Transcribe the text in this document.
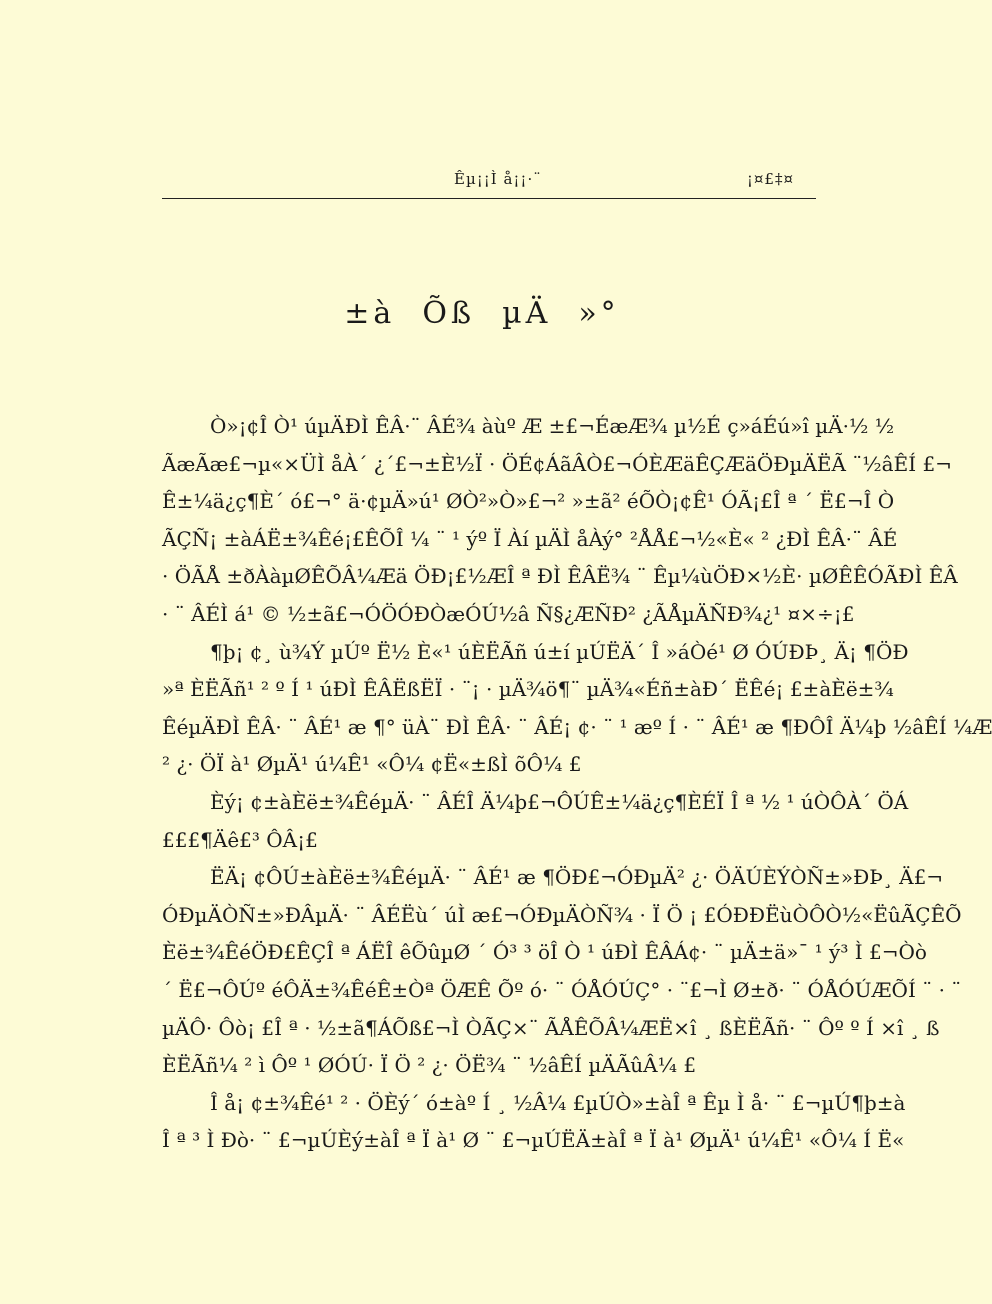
Êµ¡¡Ì å¡¡·¨	¡¤£‡¤
±à  Õß  µÄ  »°
Ò»¡¢Î Ò¹ úµÄÐÌ ÊÂ·¨ ÂÉ¾ àùº Æ ±£¬ÉæÆ¾ µ½É ç»áÉú»î µÄ·½ ½
ÃæÃæ£¬µ«×ÜÌ åÀ´ ¿´£¬±È½Ï · ÖÉ¢ÁãÂÒ£¬ÓÈÆäÊÇÆäÖÐµÄËÃ ¨½âÊÍ £¬
Ê±¼ä¿ç¶È´ ó£¬° ä·¢µÄ»ú¹ ØÒ²»Ò»£¬² »±ã² éÕÒ¡¢Ê¹ ÓÃ¡£Î ª ´ Ë£¬Î Ò
ÃÇÑ¡ ±àÁË±¾Êé¡£ÊÕÎ ¼ ¨ ¹ ýº Ï Àí µÄÌ åÀý° ²ÅÅ£¬½«È« ² ¿ÐÌ ÊÂ·¨ ÂÉ
· ÖÃÅ ±ðÀàµØÊÕÂ¼Æä ÖÐ¡£½ÆÎ ª ÐÌ ÊÂË¾ ¨ Êµ¼ùÖÐ×½È· µØÊÊÓÃÐÌ ÊÂ
· ¨ ÂÉÌ á¹ © ½±ã£¬ÓÖÓÐÒæÓÚ½â Ñ§¿ÆÑÐ² ¿ÃÅµÄÑÐ¾¿¹ ¤×÷¡£
¶þ¡ ¢¸ ù¾Ý µÚº Ë½ È«¹ úÈËÃñ ú±í µÚËÄ´ Î »áÒé¹ Ø ÓÚÐÞ¸ Ä¡ ¶ÖÐ
»ª ÈËÃñ¹ ² º Í ¹ úÐÌ ÊÂËßËÏ · ¨¡ · µÄ¾ö¶¨ µÄ¾«Éñ±àÐ´ ËÊé¡ £±àÈë±¾
ÊéµÄÐÌ ÊÂ· ¨ ÂÉ¹ æ ¶° üÀ¨ ÐÌ ÊÂ· ¨ ÂÉ¡ ¢· ¨ ¹ æº Í · ¨ ÂÉ¹ æ ¶ÐÔÎ Ä¼þ ½âÊÍ ¼Æ
² ¿· ÖÏ à¹ ØµÄ¹ ú¼Ê¹ «Ô¼ ¢Ë«±ßÌ õÔ¼ £
Èý¡ ¢±àÈë±¾ÊéµÄ· ¨ ÂÉÎ Ä¼þ£¬ÔÚÊ±¼ä¿ç¶ÈÉÏ Î ª ½ ¹ úÒÔÀ´ ÖÁ
£££¶Äê£³ ÔÂ¡£
ËÄ¡ ¢ÔÚ±àÈë±¾ÊéµÄ· ¨ ÂÉ¹ æ ¶ÖÐ£¬ÓÐµÄ² ¿· ÖÄÚÈÝÒÑ±»ÐÞ¸ Ä£¬
ÓÐµÄÒÑ±»ÐÂµÄ· ¨ ÂÉËù´ úÌ æ£¬ÓÐµÄÒÑ¾ · Ï Ö ¡ £ÓÐÐËùÒÔÒ½«ËûÃÇÊÕ
Èë±¾ÊéÖÐ£ÊÇÎ ª ÁËÎ êÕûµØ ´ Ó³ ³ öÎ Ò ¹ úÐÌ ÊÂÁ¢· ¨ µÄ±ä»¯ ¹ ý³ Ì £¬Òò
´ Ë£¬ÔÚº éÔÄ±¾ÊéÊ±Òª ÖÆÊ Õº ó· ¨ ÓÅÓÚÇ° · ¨£¬Ì Ø±ð· ¨ ÓÅÓÚÆÕÍ ¨ · ¨
µÄÔ· Ôò¡ £Î ª · ½±ã¶ÁÕß£¬Ì ÒÃÇ×¨ ÃÅÊÕÂ¼ÆË×î ¸ ßÈËÃñ· ¨ Ôº º Í ×î ¸ ß
ÈËÃñ¼ ² ì Ôº ¹ ØÓÚ· Ï Ö ² ¿· ÖË¾ ¨ ½âÊÍ µÄÃûÂ¼ £
Î å¡ ¢±¾Êé¹ ² · ÖÈý´ ó±àº Í ¸ ½Â¼ £µÚÒ»±àÎ ª Êµ Ì å· ¨ £¬µÚ¶þ±à
Î ª ³ Ì Ðò· ¨ £¬µÚÈý±àÎ ª Ï à¹ Ø ¨ £¬µÚËÄ±àÎ ª Ï à¹ ØµÄ¹ ú¼Ê¹ «Ô¼ Í Ë«
